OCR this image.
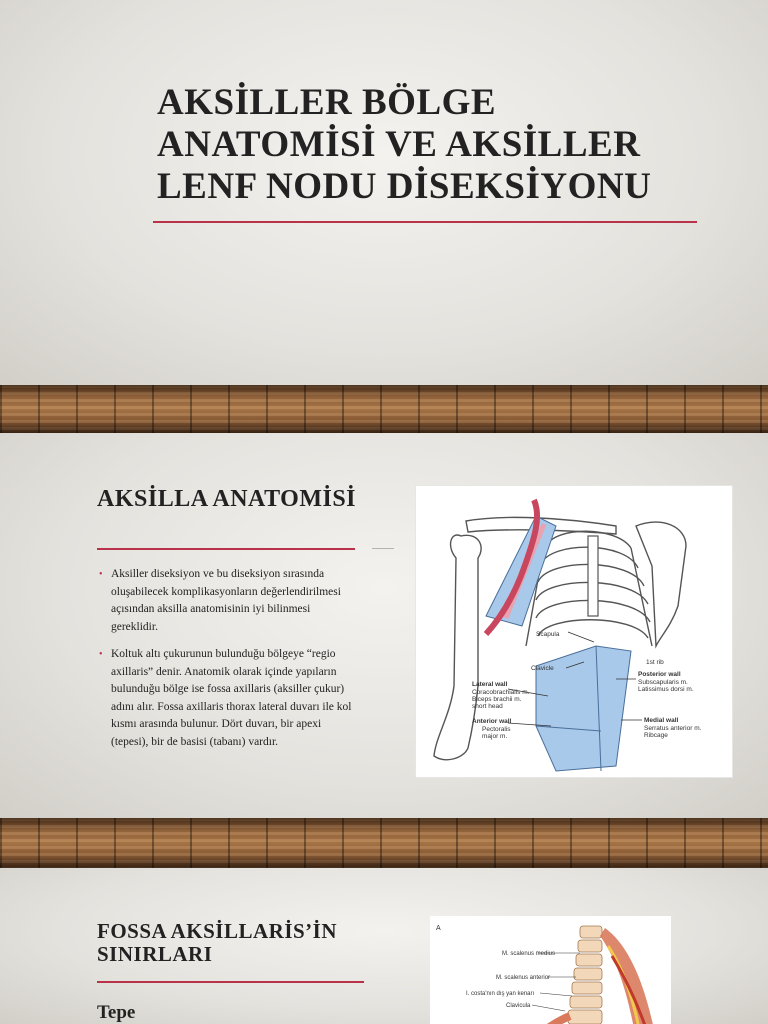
AKSİLLER BÖLGE ANATOMİSİ VE AKSİLLER LENF NODU DİSEKSİYONU
AKSİLLA ANATOMİSİ
• Aksiller diseksiyon ve bu diseksiyon sırasında oluşabilecek komplikasyonların değerlendirilmesi açısından aksilla anatomisinin iyi bilinmesi gereklidir.
• Koltuk altı çukurunun bulunduğu bölgeye “regio axillaris” denir. Anatomik olarak içinde yapıların bulunduğu bölge ise fossa axillaris (aksiller çukur) adını alır. Fossa axillaris thorax lateral duvarı ile kol kısmı arasında bulunur. Dört duvarı, bir apexi (tepesi), bir de basisi (tabanı) vardır.
1st rib
Scapula
Clavicle
Lateral wall
Coracobrachialis m.
Biceps brachii m.
short head
Posterior wall
Subscapularis m.
Latissimus dorsi m.
Anterior wall
Pectoralis
major m.
Medial wall
Serratus anterior m.
Ribcage
FOSSA AKSİLLARİS’İN SINIRLARI
Tepe
A
M. scalenus medius
M. scalenus anterior
I. costa'nın dış yan kenarı
Clavicula
